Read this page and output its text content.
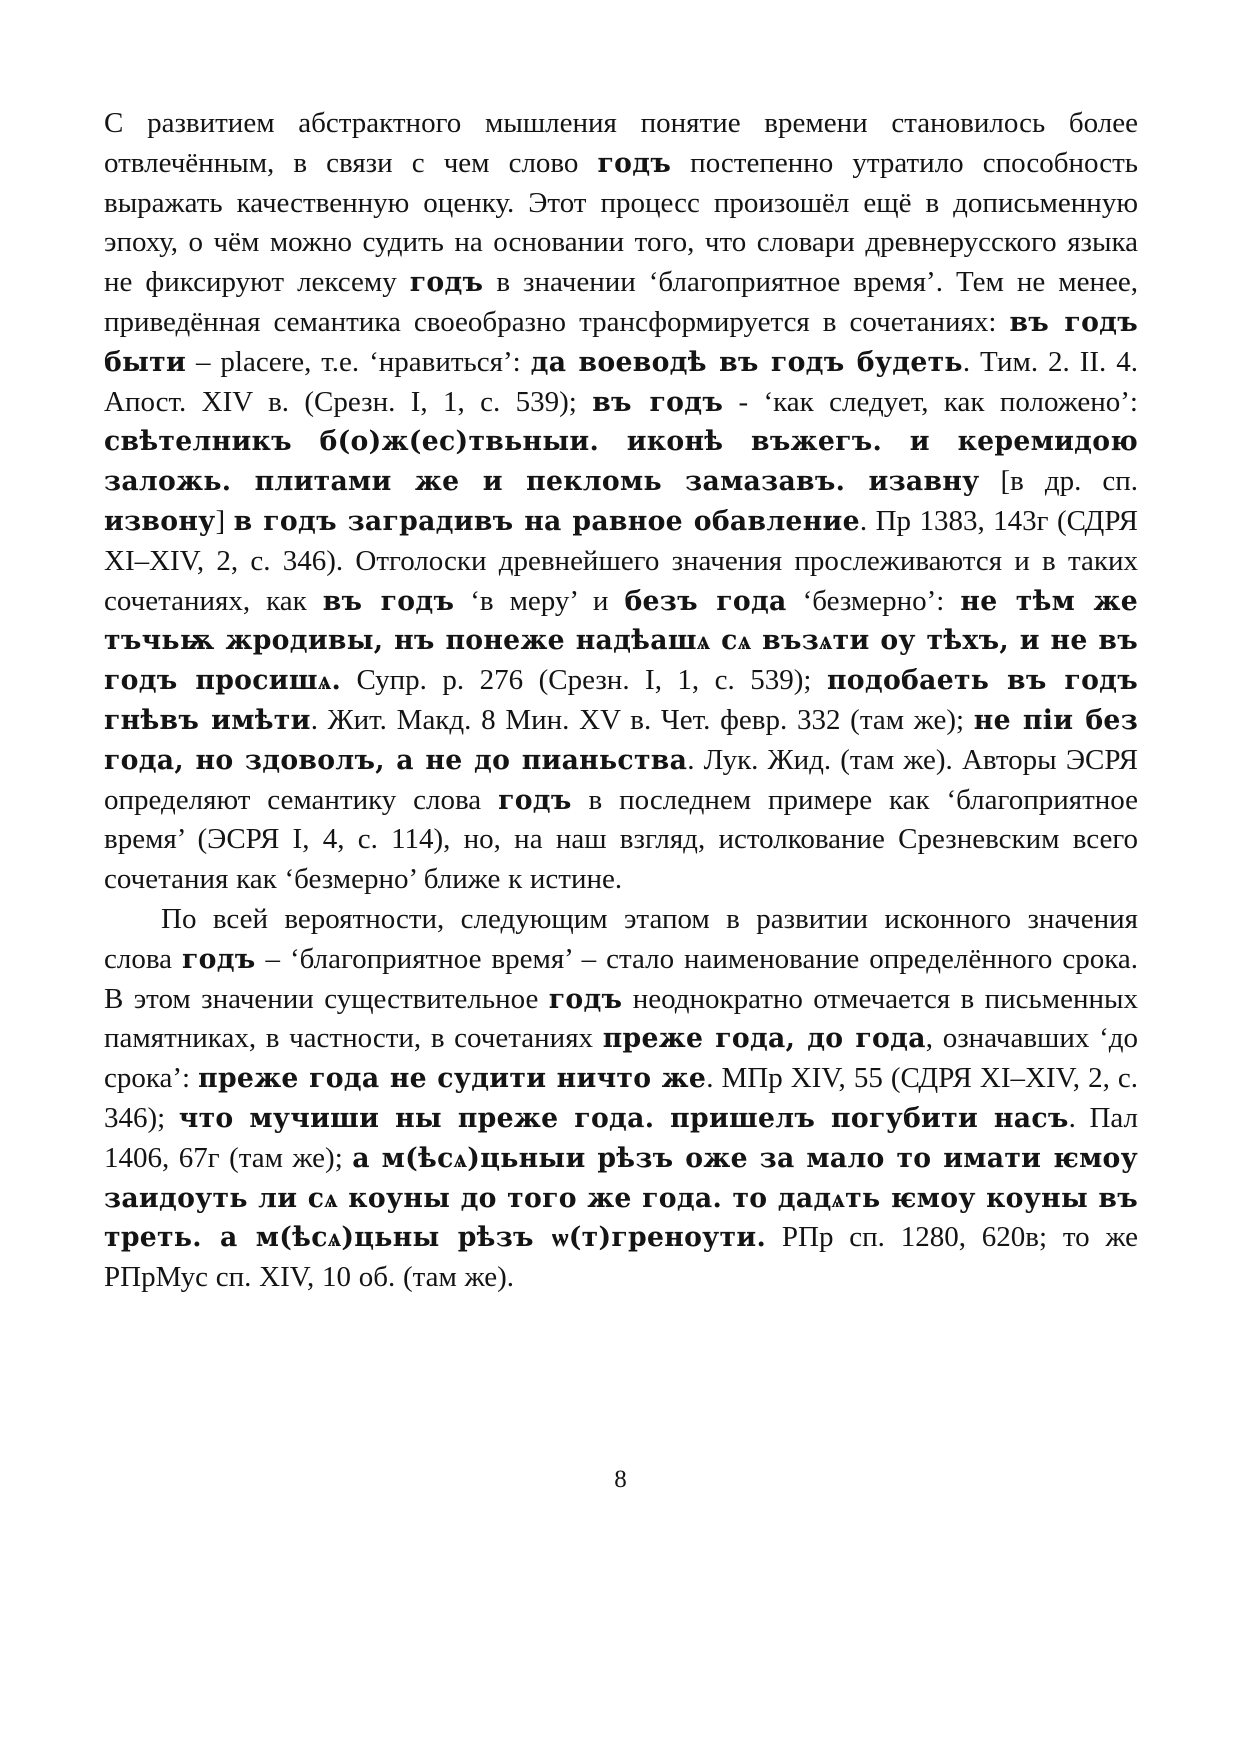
С развитием абстрактного мышления понятие времени становилось более отвлечённым, в связи с чем слово годъ постепенно утратило способность выражать качественную оценку. Этот процесс произошёл ещё в дописьменную эпоху, о чём можно судить на основании того, что словари древнерусского языка не фиксируют лексему годъ в значении ‘благоприятное время’. Тем не менее, приведённая семантика своеобразно трансформируется в сочетаниях: въ годъ быти – placere, т.е. ‘нравиться’: да воеводѣ въ годъ будеть. Тим. 2. II. 4. Апост. XIV в. (Срезн. I, 1, с. 539); въ годъ - ‘как следует, как положено’: свѣтелникъ б(о)ж(ес)твьныи. иконѣ въжегъ. и керемидою заложь. плитами же и пекломь замазавъ. изавну [в др. сп. извону] в годъ заградивъ на равное обавление. Пр 1383, 143г (СДРЯ XI–XIV, 2, с. 346). Отголоски древнейшего значения прослеживаются и в таких сочетаниях, как въ годъ ‘в меру’ и безъ года ‘безмерно’: не тѣм же тъчьѭ жродивы, нъ понеже надѣашѧ сѧ възѧти оу тѣхъ, и не въ годъ просишѧ. Супр. р. 276 (Срезн. I, 1, с. 539); подобаеть въ годъ гнѣвъ имѣти. Жит. Макд. 8 Мин. XV в. Чет. февр. 332 (там же); не піи без года, но здоволъ, а не до пианьства. Лук. Жид. (там же). Авторы ЭСРЯ определяют семантику слова годъ в последнем примере как ‘благоприятное время’ (ЭСРЯ I, 4, с. 114), но, на наш взгляд, истолкование Срезневским всего сочетания как ‘безмерно’ ближе к истине.

По всей вероятности, следующим этапом в развитии исконного значения слова годъ – ‘благоприятное время’ – стало наименование определённого срока. В этом значении существительное годъ неоднократно отмечается в письменных памятниках, в частности, в сочетаниях преже года, до года, означавших ‘до срока’: преже года не судити ничто же. МПр XIV, 55 (СДРЯ XI–XIV, 2, с. 346); что мучиши ны преже года. пришелъ погубити насъ. Пал 1406, 67г (там же); а м(ѣсѧ)цьныи рѣзъ оже за мало то имати ѥмоу заидоуть ли сѧ коуны до того же года. то дадѧть ѥмоу коуны въ треть. а м(ѣсѧ)цьны рѣзъ ѡ(т)греноути. РПр сп. 1280, 620в; то же РПрМус сп. XIV, 10 об. (там же).

8
